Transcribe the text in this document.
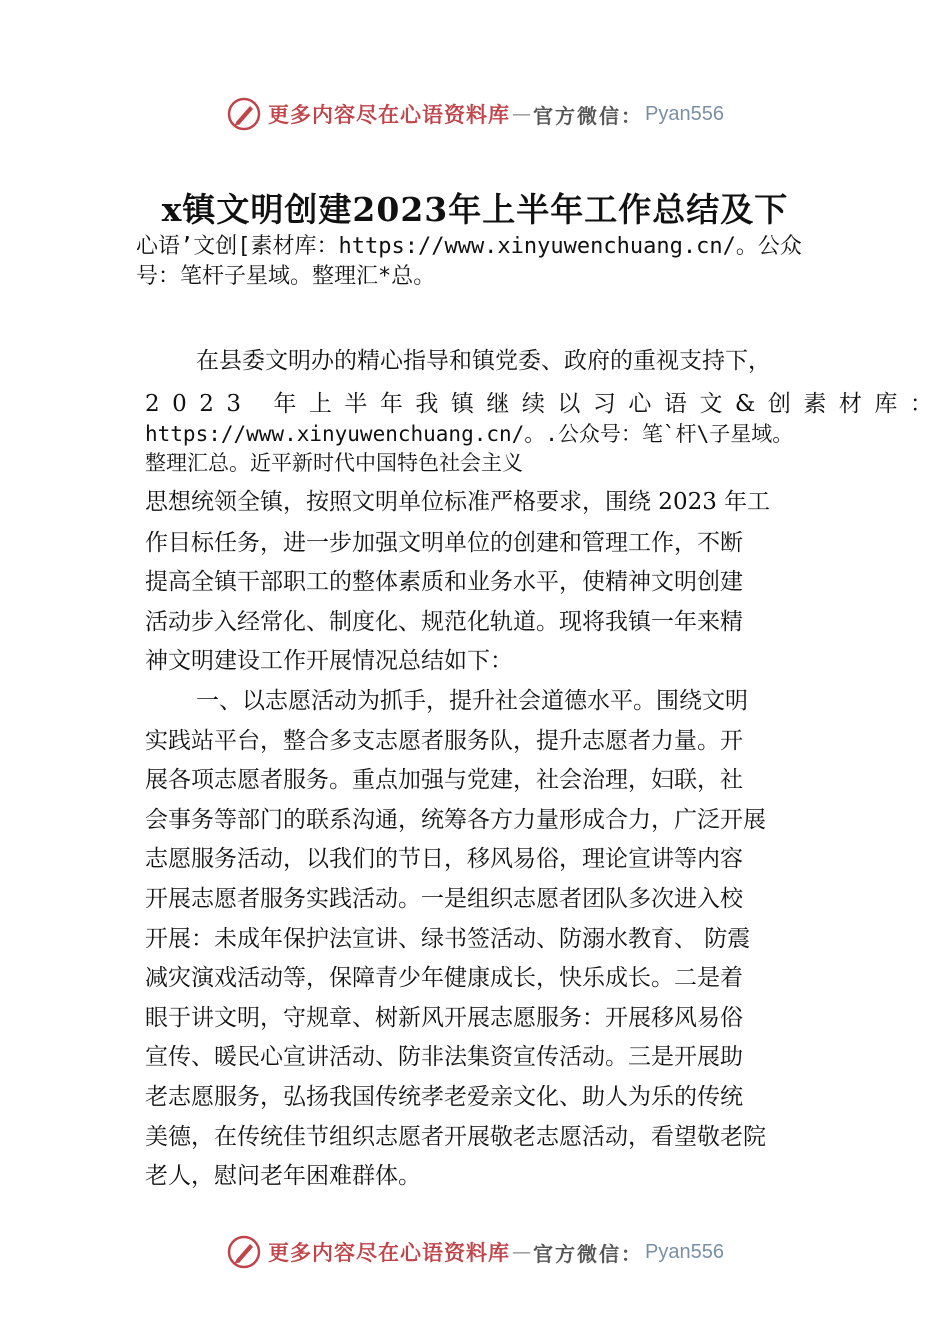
更多内容尽在心语资料库 — 官方微信： Pyan556
x镇文明创建2023年上半年工作总结及下
心语’文创[素材库：https://www.xinyuwenchuang.cn/。公众
号：笔杆子星域。整理汇*总。
在县委文明办的精心指导和镇党委、政府的重视支持下，
2023 年上半年我镇继续以习心语文&创素材库：
https://www.xinyuwenchuang.cn/。.公众号：笔`杆\子星域。
整理汇总。近平新时代中国特色社会主义
思想统领全镇，按照文明单位标准严格要求，围绕 2023 年工
作目标任务，进一步加强文明单位的创建和管理工作，不断
提高全镇干部职工的整体素质和业务水平，使精神文明创建
活动步入经常化、制度化、规范化轨道。现将我镇一年来精
神文明建设工作开展情况总结如下：
一、以志愿活动为抓手，提升社会道德水平。围绕文明
实践站平台，整合多支志愿者服务队，提升志愿者力量。开
展各项志愿者服务。重点加强与党建，社会治理，妇联，社
会事务等部门的联系沟通，统筹各方力量形成合力，广泛开展
志愿服务活动，以我们的节日，移风易俗，理论宣讲等内容
开展志愿者服务实践活动。一是组织志愿者团队多次进入校
开展：未成年保护法宣讲、绿书签活动、防溺水教育、 防震
减灾演戏活动等，保障青少年健康成长，快乐成长。二是着
眼于讲文明，守规章、树新风开展志愿服务：开展移风易俗
宣传、暖民心宣讲活动、防非法集资宣传活动。三是开展助
老志愿服务，弘扬我国传统孝老爱亲文化、助人为乐的传统
美德，在传统佳节组织志愿者开展敬老志愿活动，看望敬老院
老人，慰问老年困难群体。
更多内容尽在心语资料库 — 官方微信： Pyan556
